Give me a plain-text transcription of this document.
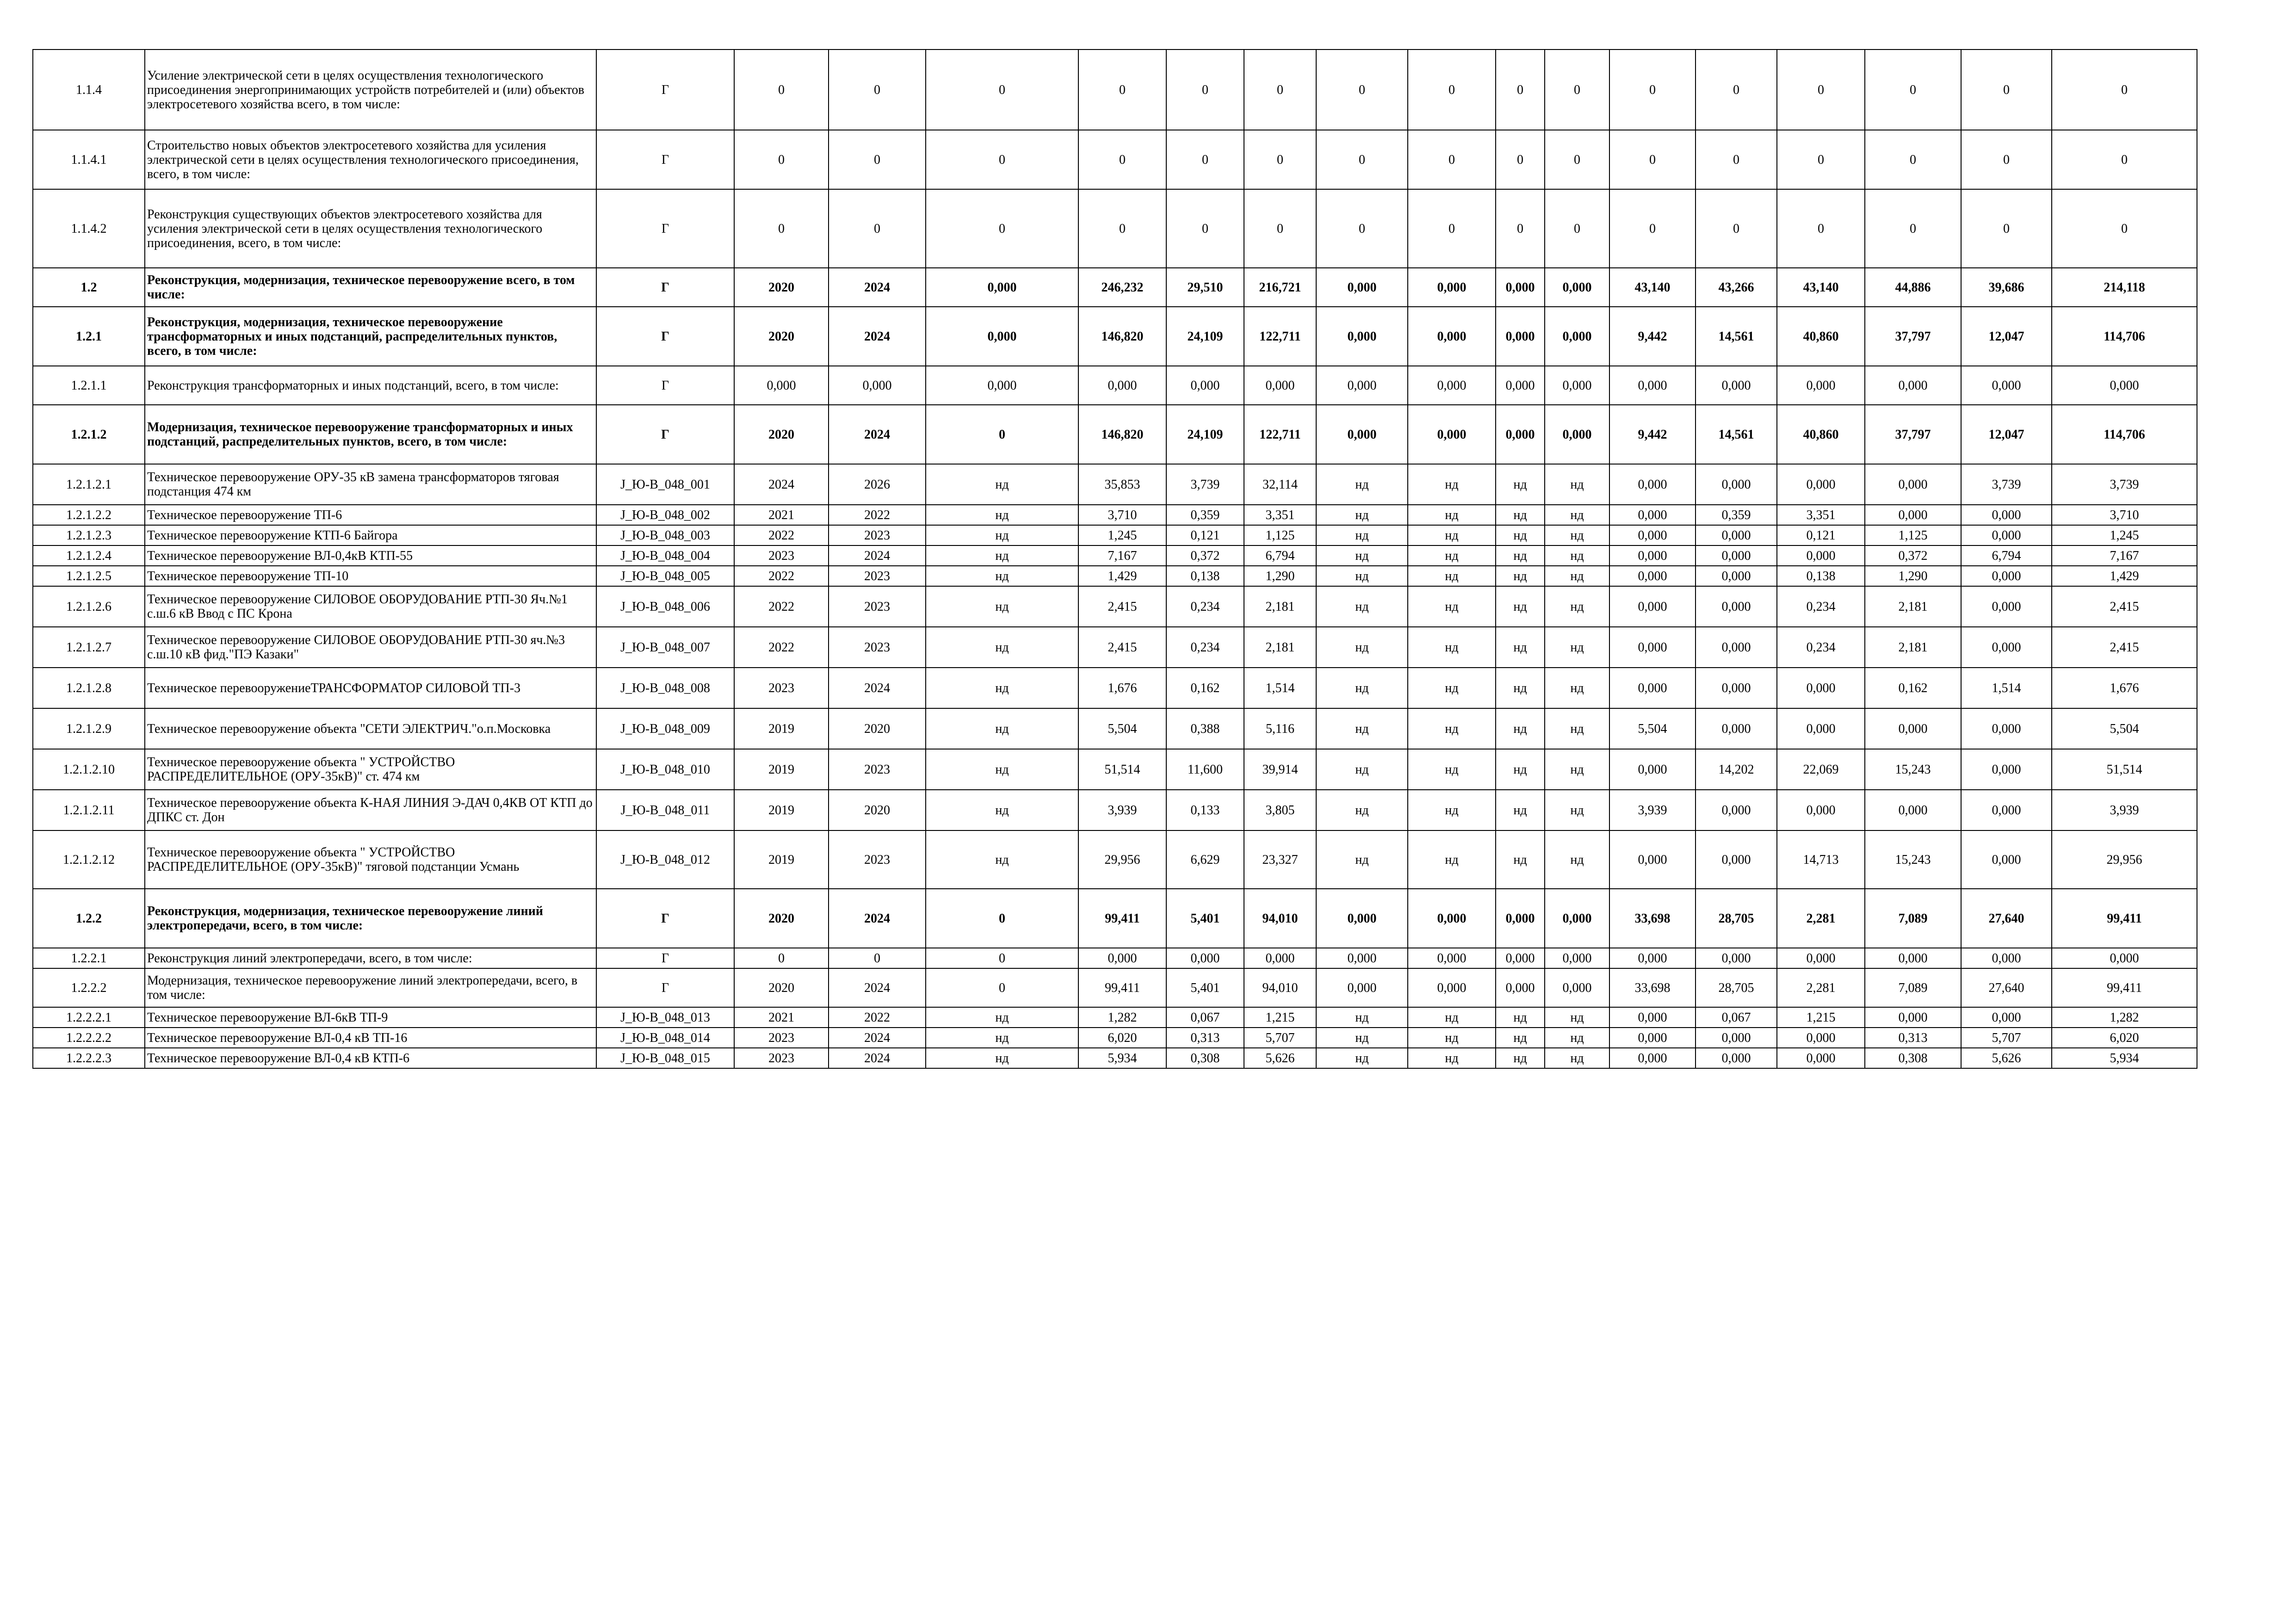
1.1.4	Усиление электрической сети в целях осуществления технологического присоединения энергопринимающих устройств потребителей и (или) объектов электросетевого хозяйства всего, в том числе:	Г	0	0	0	0	0	0	0	0	0	0	0	0	0	0	0	0
1.1.4.1	Строительство новых объектов электросетевого хозяйства для усиления электрической сети в целях осуществления технологического присоединения, всего, в том числе:	Г	0	0	0	0	0	0	0	0	0	0	0	0	0	0	0	0
1.1.4.2	Реконструкция существующих объектов электросетевого хозяйства для усиления электрической сети в целях осуществления технологического присоединения, всего, в том числе:	Г	0	0	0	0	0	0	0	0	0	0	0	0	0	0	0	0
1.2	Реконструкция, модернизация, техническое перевооружение всего, в том числе:	Г	2020	2024	0,000	246,232	29,510	216,721	0,000	0,000	0,000	0,000	43,140	43,266	43,140	44,886	39,686	214,118
1.2.1	Реконструкция, модернизация, техническое перевооружение трансформаторных и иных подстанций, распределительных пунктов, всего, в том числе:	Г	2020	2024	0,000	146,820	24,109	122,711	0,000	0,000	0,000	0,000	9,442	14,561	40,860	37,797	12,047	114,706
1.2.1.1	Реконструкция трансформаторных и иных подстанций, всего, в том числе:	Г	0,000	0,000	0,000	0,000	0,000	0,000	0,000	0,000	0,000	0,000	0,000	0,000	0,000	0,000	0,000	0,000
1.2.1.2	Модернизация, техническое перевооружение трансформаторных и иных подстанций, распределительных пунктов, всего, в том числе:	Г	2020	2024	0	146,820	24,109	122,711	0,000	0,000	0,000	0,000	9,442	14,561	40,860	37,797	12,047	114,706
1.2.1.2.1	Техническое перевооружение ОРУ-35 кВ замена трансформаторов тяговая подстанция 474 км	J_Ю-В_048_001	2024	2026	нд	35,853	3,739	32,114	нд	нд	нд	нд	0,000	0,000	0,000	0,000	3,739	3,739
1.2.1.2.2	Техническое перевооружение ТП-6	J_Ю-В_048_002	2021	2022	нд	3,710	0,359	3,351	нд	нд	нд	нд	0,000	0,359	3,351	0,000	0,000	3,710
1.2.1.2.3	Техническое перевооружение КТП-6 Байгора	J_Ю-В_048_003	2022	2023	нд	1,245	0,121	1,125	нд	нд	нд	нд	0,000	0,000	0,121	1,125	0,000	1,245
1.2.1.2.4	Техническое перевооружение ВЛ-0,4кВ КТП-55	J_Ю-В_048_004	2023	2024	нд	7,167	0,372	6,794	нд	нд	нд	нд	0,000	0,000	0,000	0,372	6,794	7,167
1.2.1.2.5	Техническое перевооружение ТП-10	J_Ю-В_048_005	2022	2023	нд	1,429	0,138	1,290	нд	нд	нд	нд	0,000	0,000	0,138	1,290	0,000	1,429
1.2.1.2.6	Техническое перевооружение СИЛОВОЕ ОБОРУДОВАНИЕ РТП-30 Яч.№1 с.ш.6 кВ Ввод с ПС Крона	J_Ю-В_048_006	2022	2023	нд	2,415	0,234	2,181	нд	нд	нд	нд	0,000	0,000	0,234	2,181	0,000	2,415
1.2.1.2.7	Техническое перевооружение СИЛОВОЕ ОБОРУДОВАНИЕ РТП-30 яч.№3 с.ш.10 кВ фид."ПЭ Казаки"	J_Ю-В_048_007	2022	2023	нд	2,415	0,234	2,181	нд	нд	нд	нд	0,000	0,000	0,234	2,181	0,000	2,415
1.2.1.2.8	Техническое перевооружениеТРАНСФОРМАТОР СИЛОВОЙ ТП-3	J_Ю-В_048_008	2023	2024	нд	1,676	0,162	1,514	нд	нд	нд	нд	0,000	0,000	0,000	0,162	1,514	1,676
1.2.1.2.9	Техническое перевооружение объекта "СЕТИ ЭЛЕКТРИЧ."о.п.Московка	J_Ю-В_048_009	2019	2020	нд	5,504	0,388	5,116	нд	нд	нд	нд	5,504	0,000	0,000	0,000	0,000	5,504
1.2.1.2.10	Техническое перевооружение объекта " УСТРОЙСТВО РАСПРЕДЕЛИТЕЛЬНОЕ (ОРУ-35кВ)" ст. 474 км	J_Ю-В_048_010	2019	2023	нд	51,514	11,600	39,914	нд	нд	нд	нд	0,000	14,202	22,069	15,243	0,000	51,514
1.2.1.2.11	Техническое перевооружение объекта К-НАЯ ЛИНИЯ Э-ДАЧ 0,4КВ ОТ КТП до ДПКС ст. Дон	J_Ю-В_048_011	2019	2020	нд	3,939	0,133	3,805	нд	нд	нд	нд	3,939	0,000	0,000	0,000	0,000	3,939
1.2.1.2.12	Техническое перевооружение объекта " УСТРОЙСТВО РАСПРЕДЕЛИТЕЛЬНОЕ (ОРУ-35кВ)" тяговой подстанции Усмань	J_Ю-В_048_012	2019	2023	нд	29,956	6,629	23,327	нд	нд	нд	нд	0,000	0,000	14,713	15,243	0,000	29,956
1.2.2	Реконструкция, модернизация, техническое перевооружение линий электропередачи, всего, в том числе:	Г	2020	2024	0	99,411	5,401	94,010	0,000	0,000	0,000	0,000	33,698	28,705	2,281	7,089	27,640	99,411
1.2.2.1	Реконструкция линий электропередачи, всего, в том числе:	Г	0	0	0	0,000	0,000	0,000	0,000	0,000	0,000	0,000	0,000	0,000	0,000	0,000	0,000	0,000
1.2.2.2	Модернизация, техническое перевооружение линий электропередачи, всего, в том числе:	Г	2020	2024	0	99,411	5,401	94,010	0,000	0,000	0,000	0,000	33,698	28,705	2,281	7,089	27,640	99,411
1.2.2.2.1	Техническое перевооружение ВЛ-6кВ ТП-9	J_Ю-В_048_013	2021	2022	нд	1,282	0,067	1,215	нд	нд	нд	нд	0,000	0,067	1,215	0,000	0,000	1,282
1.2.2.2.2	Техническое перевооружение ВЛ-0,4 кВ ТП-16	J_Ю-В_048_014	2023	2024	нд	6,020	0,313	5,707	нд	нд	нд	нд	0,000	0,000	0,000	0,313	5,707	6,020
1.2.2.2.3	Техническое перевооружение ВЛ-0,4 кВ КТП-6	J_Ю-В_048_015	2023	2024	нд	5,934	0,308	5,626	нд	нд	нд	нд	0,000	0,000	0,000	0,308	5,626	5,934
